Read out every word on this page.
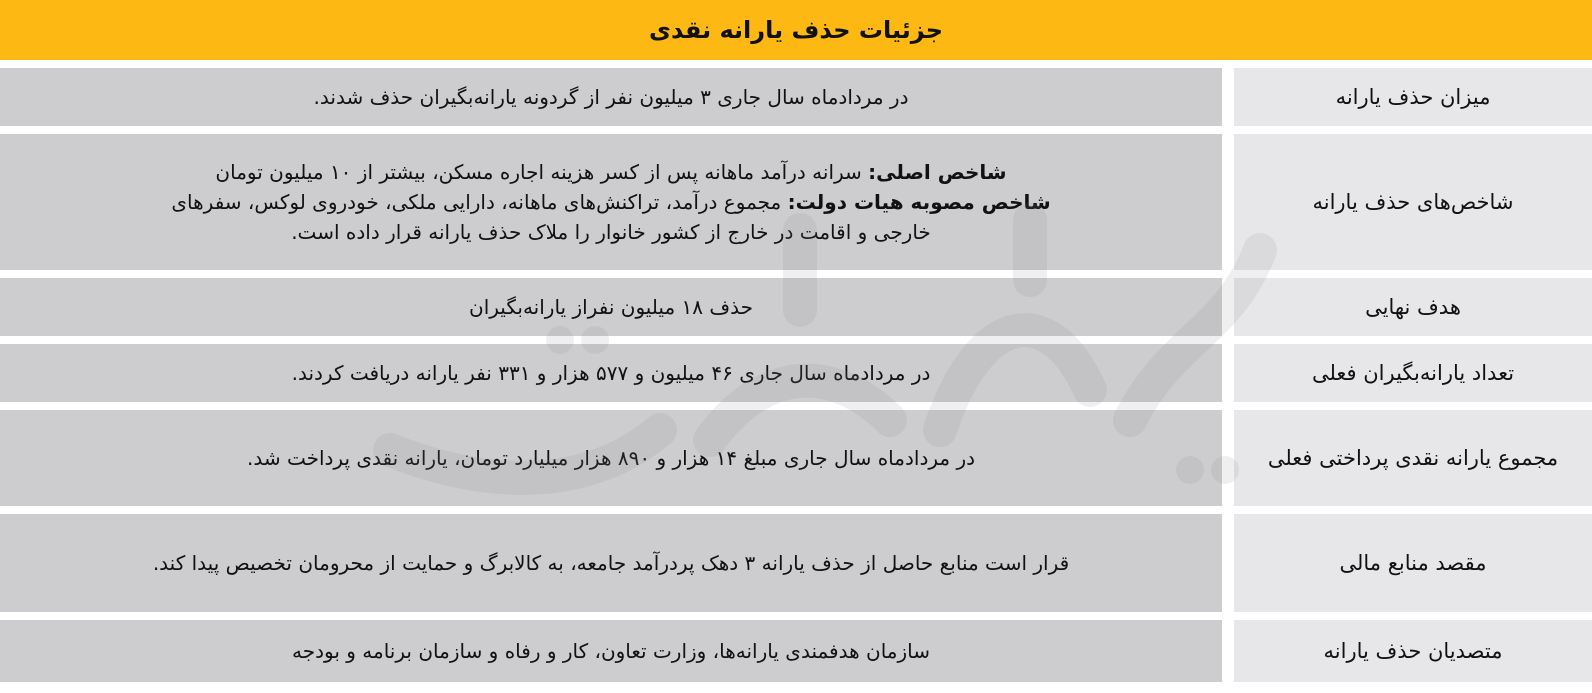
جزئیات حذف یارانه نقدی
میزان حذف یارانه
در مردادماه سال جاری ۳ میلیون نفر از گردونه یارانه‌بگیران حذف شدند.
شاخص‌های حذف یارانه
شاخص اصلی: سرانه درآمد ماهانه پس از کسر هزینه اجاره مسکن، بیشتر از ۱۰ میلیون تومان
شاخص مصوبه هیات دولت: مجموع درآمد، تراکنش‌های ماهانه، دارایی ملکی، خودروی لوکس، سفرهای
خارجی و اقامت در خارج از کشور خانوار را ملاک حذف یارانه قرار داده است.
هدف نهایی
حذف ۱۸ میلیون نفراز یارانه‌بگیران
تعداد یارانه‌بگیران فعلی
در مردادماه سال جاری ۴۶ میلیون و ۵۷۷ هزار و ۳۳۱ نفر یارانه دریافت کردند.
مجموع یارانه نقدی پرداختی فعلی
در مردادماه سال جاری مبلغ ۱۴ هزار و ۸۹۰ هزار میلیارد تومان، یارانه نقدی پرداخت شد.
مقصد منابع مالی
قرار است منابع حاصل از حذف یارانه ۳ دهک پردرآمد جامعه، به کالابرگ و حمایت از محرومان تخصیص پیدا کند.
متصدیان حذف یارانه
سازمان هدفمندی یارانه‌ها، وزارت تعاون، کار و رفاه و سازمان برنامه و بودجه
